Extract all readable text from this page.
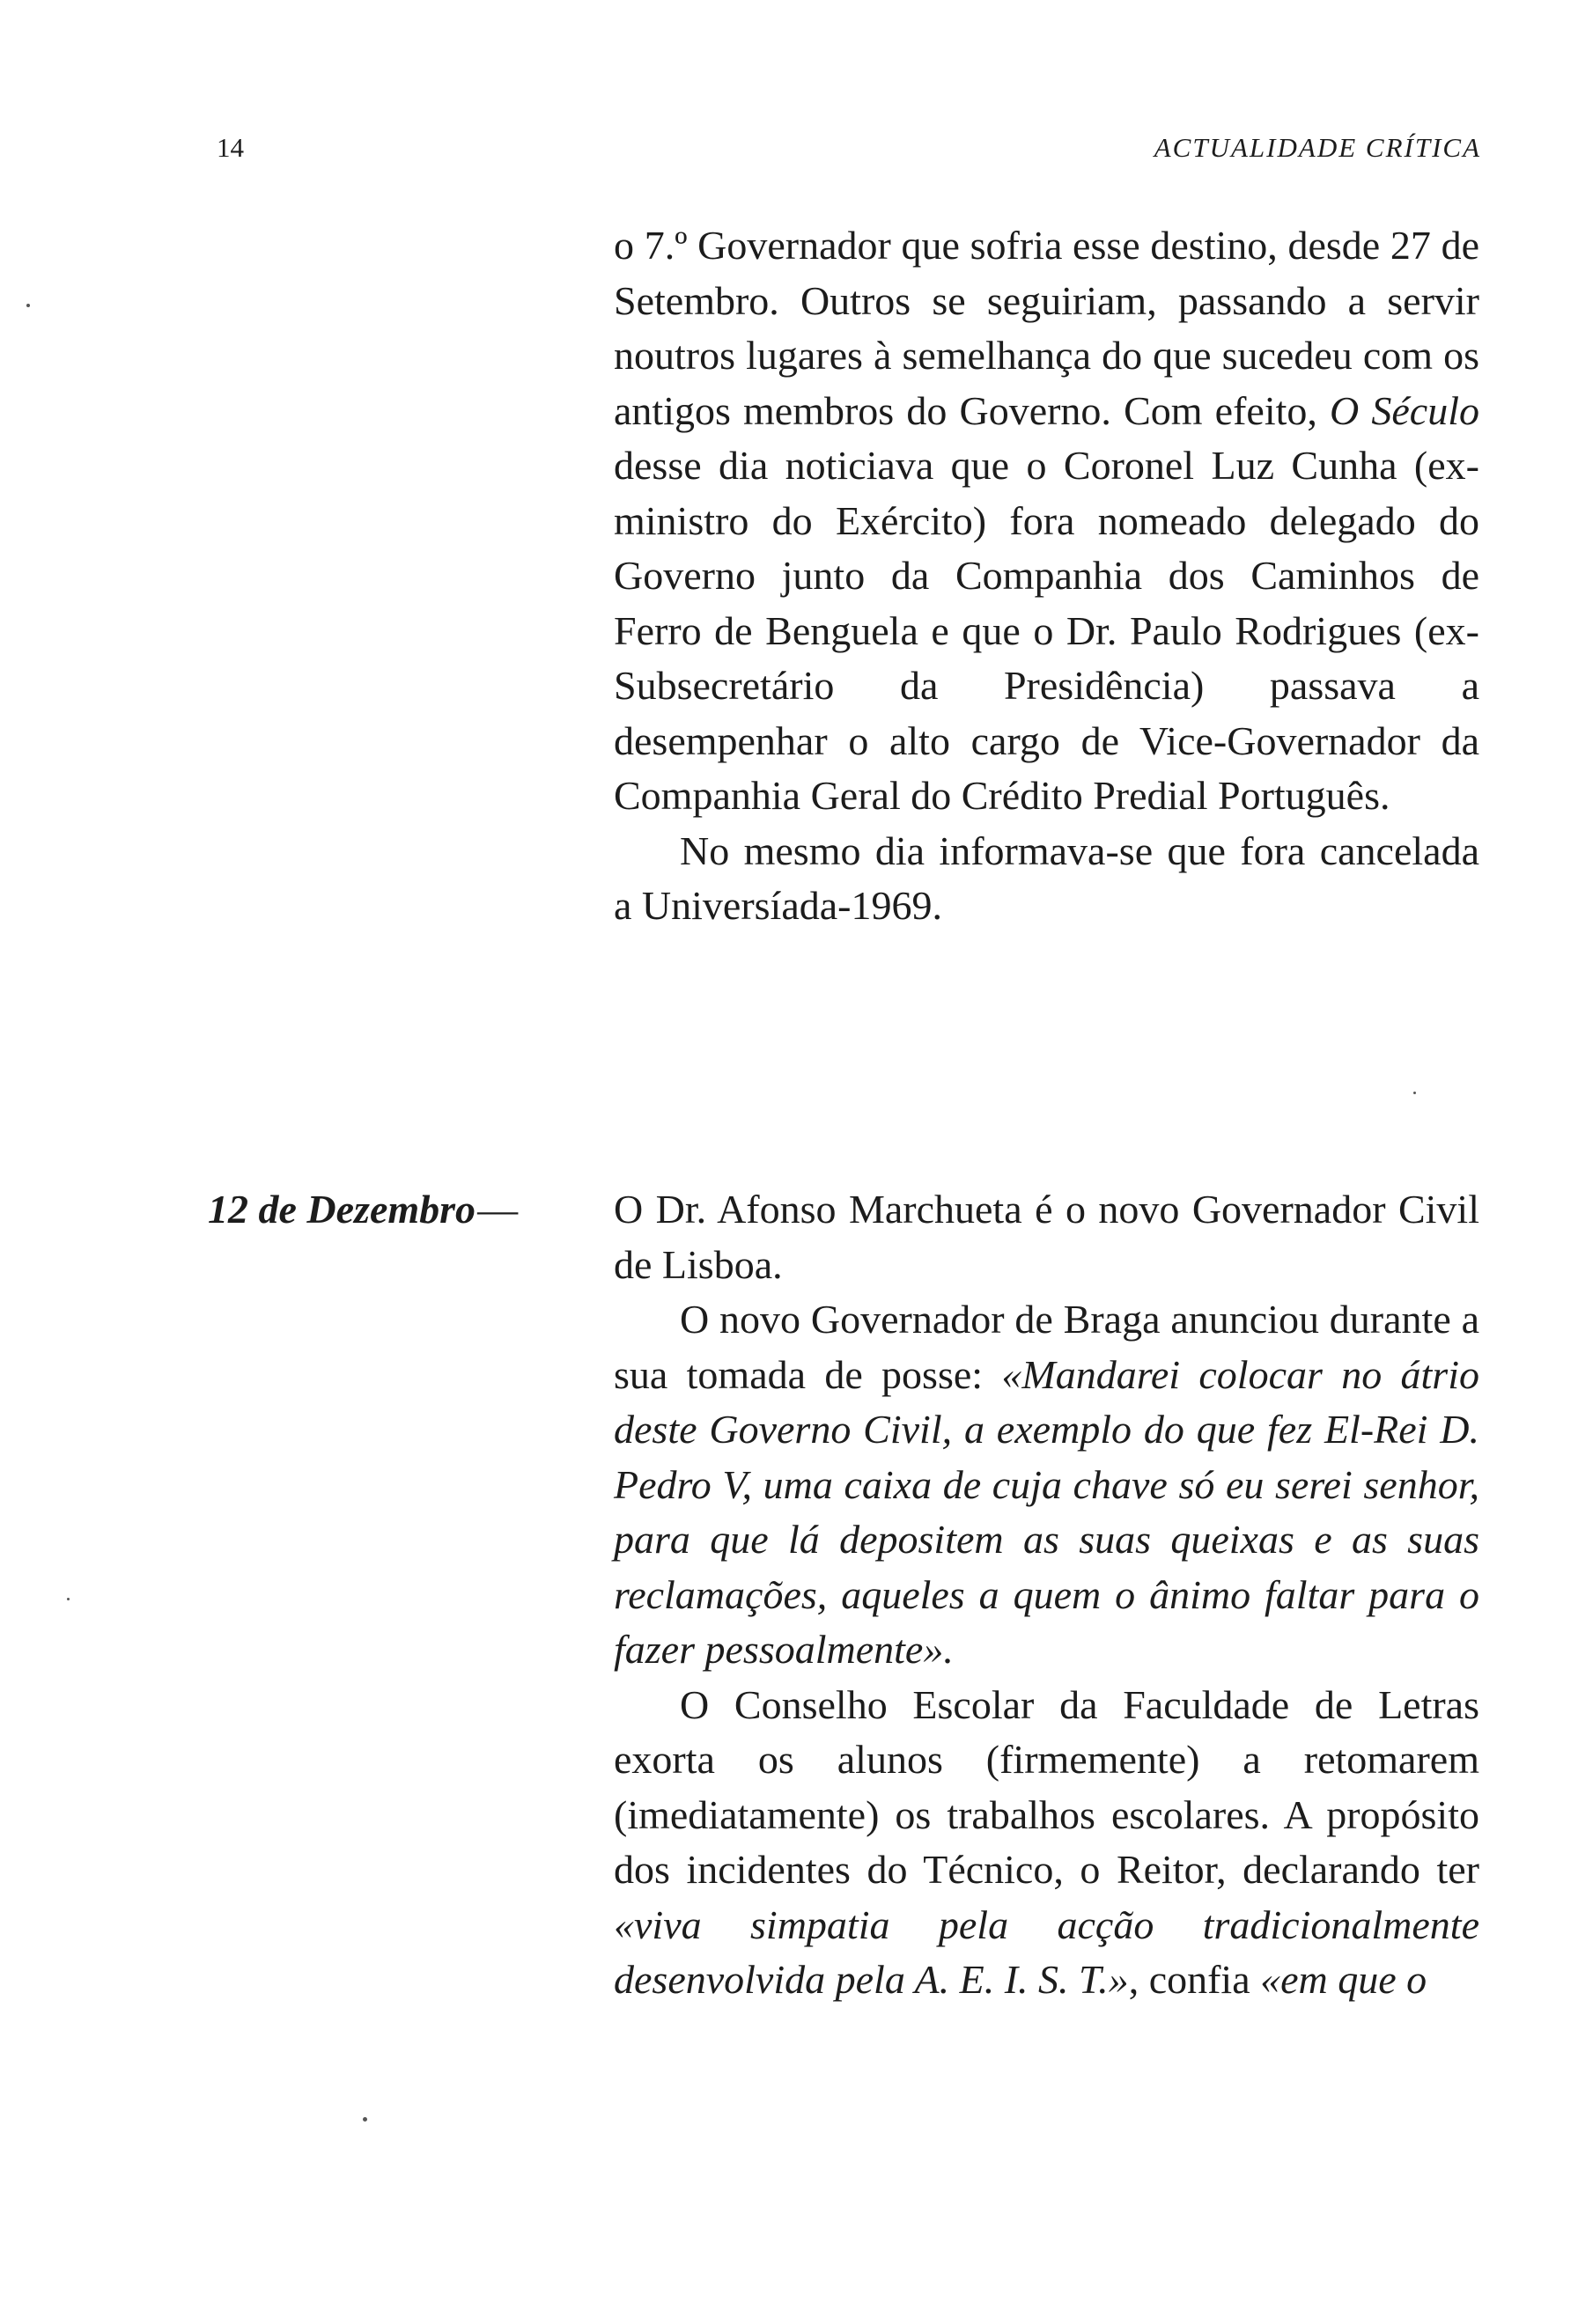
14	ACTUALIDADE CRÍTICA

o 7.º Governador que sofria esse destino, desde 27 de Setembro. Outros se seguiriam, passando a servir noutros lugares à semelhança do que sucedeu com os antigos membros do Governo. Com efeito, O Século desse dia noticiava que o Coronel Luz Cunha (ex-ministro do Exército) fora nomeado delegado do Governo junto da Companhia dos Caminhos de Ferro de Benguela e que o Dr. Paulo Rodrigues (ex-Subsecretário da Presidência) passava a desempenhar o alto cargo de Vice-Governador da Companhia Geral do Crédito Predial Português.

No mesmo dia informava-se que fora cancelada a Universíada-1969.

12 de Dezembro— O Dr. Afonso Marchueta é o novo Governador Civil de Lisboa.

O novo Governador de Braga anunciou durante a sua tomada de posse: «Mandarei colocar no átrio deste Governo Civil, a exemplo do que fez El-Rei D. Pedro V, uma caixa de cuja chave só eu serei senhor, para que lá depositem as suas queixas e as suas reclamações, aqueles a quem o ânimo faltar para o fazer pessoalmente».

O Conselho Escolar da Faculdade de Letras exorta os alunos (firmemente) a retomarem (imediatamente) os trabalhos escolares. A propósito dos incidentes do Técnico, o Reitor, declarando ter «viva simpatia pela acção tradicionalmente desenvolvida pela A. E. I. S. T.», confia «em que o
